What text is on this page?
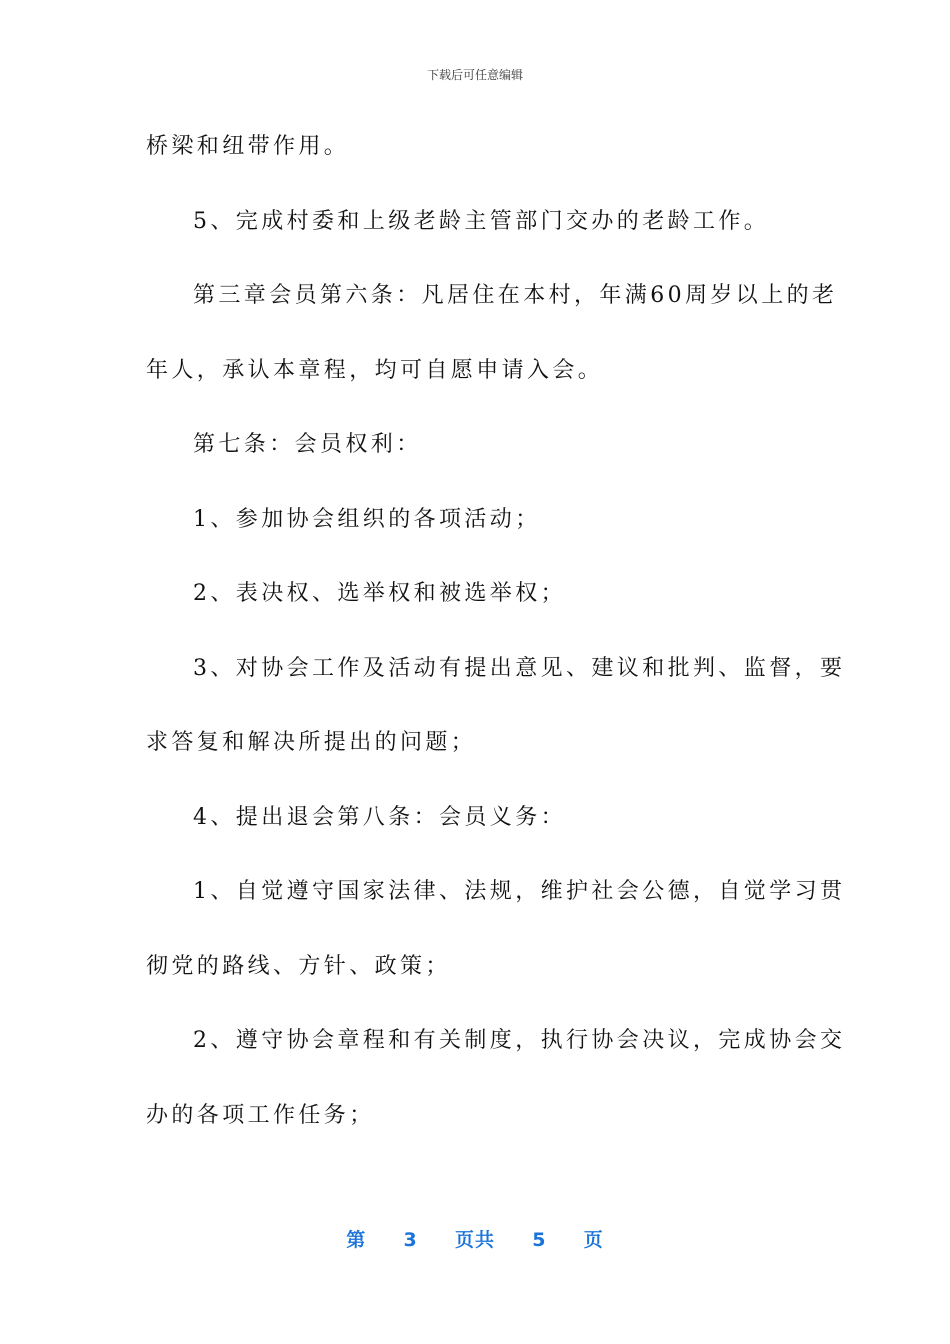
下载后可任意编辑
桥梁和纽带作用。
5、完成村委和上级老龄主管部门交办的老龄工作。
第三章会员第六条：凡居住在本村，年满60周岁以上的老
年人，承认本章程，均可自愿申请入会。
第七条：会员权利：
1、参加协会组织的各项活动；
2、表决权、选举权和被选举权；
3、对协会工作及活动有提出意见、建议和批判、监督，要
求答复和解决所提出的问题；
4、提出退会第八条：会员义务：
1、自觉遵守国家法律、法规，维护社会公德，自觉学习贯
彻党的路线、方针、政策；
2、遵守协会章程和有关制度，执行协会决议，完成协会交
办的各项工作任务；
第 3 页共 5 页
